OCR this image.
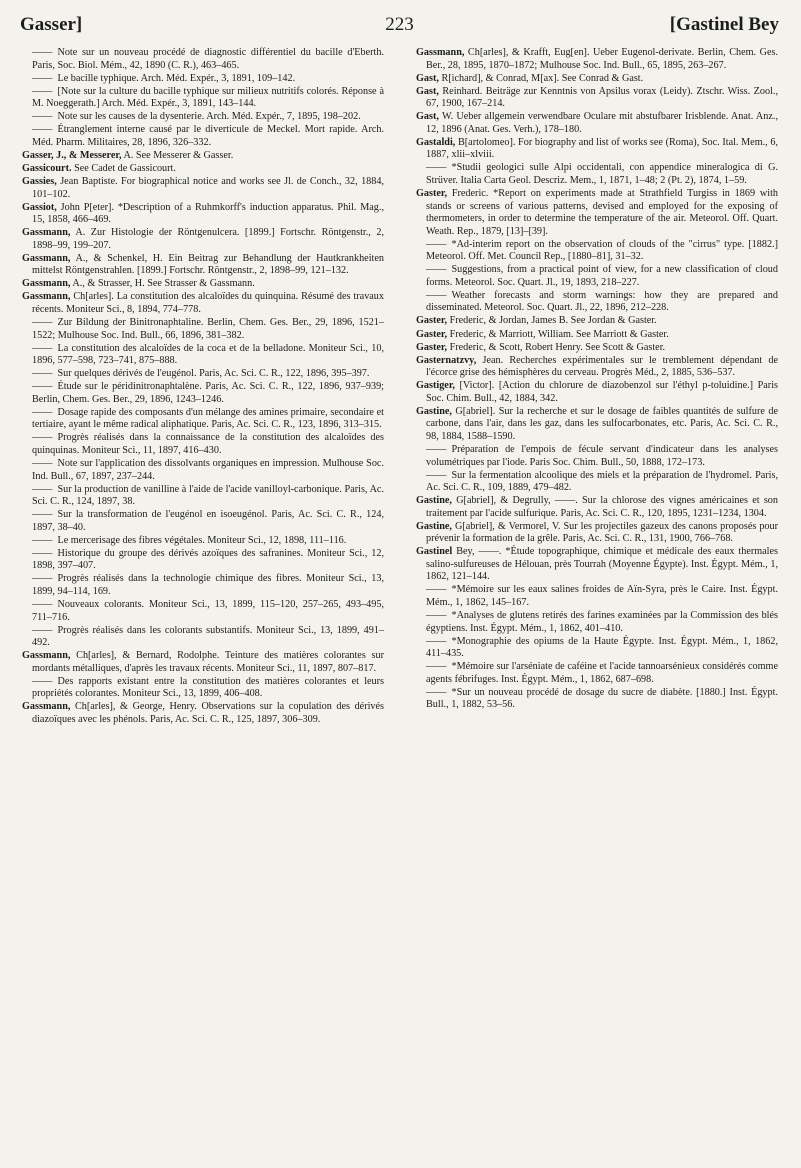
Gasser]	223	[Gastinel Bey

—— Note sur un nouveau procédé de diagnostic différentiel du bacille d'Eberth. Paris, Soc. Biol. Mém., 42, 1890 (C. R.), 463–465.

—— Le bacille typhique. Arch. Méd. Expér., 3, 1891, 109–142.

—— [Note sur la culture du bacille typhique sur milieux nutritifs colorés. Réponse à M. Noeggerath.] Arch. Méd. Expér., 3, 1891, 143–144.

—— Note sur les causes de la dysenterie. Arch. Méd. Expér., 7, 1895, 198–202.

—— Étranglement interne causé par le diverticule de Meckel. Mort rapide. Arch. Méd. Pharm. Militaires, 28, 1896, 326–332.

Gasser, J., & Messerer, A. See Messerer & Gasser.

Gassicourt. See Cadet de Gassicourt.

Gassies, Jean Baptiste. For biographical notice and works see Jl. de Conch., 32, 1884, 101–102.

Gassiot, John P[eter]. *Description of a Ruhmkorff's induction apparatus. Phil. Mag., 15, 1858, 466–469.

Gassmann, A. Zur Histologie der Röntgenulcera. [1899.] Fortschr. Röntgenstr., 2, 1898–99, 199–207.

Gassmann, A., & Schenkel, H. Ein Beitrag zur Behandlung der Hautkrankheiten mittelst Röntgenstrahlen. [1899.] Fortschr. Röntgenstr., 2, 1898–99, 121–132.

Gassmann, A., & Strasser, H. See Strasser & Gassmann.

Gassmann, Ch[arles]. La constitution des alcaloïdes du quinquina. Résumé des travaux récents. Moniteur Sci., 8, 1894, 774–778.

—— Zur Bildung der Binitronaphtaline. Berlin, Chem. Ges. Ber., 29, 1896, 1521–1522; Mulhouse Soc. Ind. Bull., 66, 1896, 381–382.

—— La constitution des alcaloïdes de la coca et de la belladone. Moniteur Sci., 10, 1896, 577–598, 723–741, 875–888.

—— Sur quelques dérivés de l'eugénol. Paris, Ac. Sci. C. R., 122, 1896, 395–397.

—— Étude sur le péridinitronaphtalène. Paris, Ac. Sci. C. R., 122, 1896, 937–939; Berlin, Chem. Ges. Ber., 29, 1896, 1243–1246.

—— Dosage rapide des composants d'un mélange des amines primaire, secondaire et tertiaire, ayant le même radical aliphatique. Paris, Ac. Sci. C. R., 123, 1896, 313–315.

—— Progrès réalisés dans la connaissance de la constitution des alcaloïdes des quinquinas. Moniteur Sci., 11, 1897, 416–430.

—— Note sur l'application des dissolvants organiques en impression. Mulhouse Soc. Ind. Bull., 67, 1897, 237–244.

—— Sur la production de vanilline à l'aide de l'acide vanilloyl-carbonique. Paris, Ac. Sci. C. R., 124, 1897, 38.

—— Sur la transformation de l'eugénol en isoeugénol. Paris, Ac. Sci. C. R., 124, 1897, 38–40.

—— Le mercerisage des fibres végétales. Moniteur Sci., 12, 1898, 111–116.

—— Historique du groupe des dérivés azoïques des safranines. Moniteur Sci., 12, 1898, 397–407.

—— Progrès réalisés dans la technologie chimique des fibres. Moniteur Sci., 13, 1899, 94–114, 169.

—— Nouveaux colorants. Moniteur Sci., 13, 1899, 115–120, 257–265, 493–495, 711–716.

—— Progrès réalisés dans les colorants substantifs. Moniteur Sci., 13, 1899, 491–492.

Gassmann, Ch[arles], & Bernard, Rodolphe. Teinture des matières colorantes sur mordants métalliques, d'après les travaux récents. Moniteur Sci., 11, 1897, 807–817.

—— Des rapports existant entre la constitution des matières colorantes et leurs propriétés colorantes. Moniteur Sci., 13, 1899, 406–408.

Gassmann, Ch[arles], & George, Henry. Observations sur la copulation des dérivés diazoïques avec les phénols. Paris, Ac. Sci. C. R., 125, 1897, 306–309.

Gassmann, Ch[arles], & Krafft, Eug[en]. Ueber Eugenol-derivate. Berlin, Chem. Ges. Ber., 28, 1895, 1870–1872; Mulhouse Soc. Ind. Bull., 65, 1895, 263–267.

Gast, R[ichard], & Conrad, M[ax]. See Conrad & Gast.

Gast, Reinhard. Beiträge zur Kenntnis von Apsilus vorax (Leidy). Ztschr. Wiss. Zool., 67, 1900, 167–214.

Gast, W. Ueber allgemein verwendbare Oculare mit abstufbarer Irisblende. Anat. Anz., 12, 1896 (Anat. Ges. Verh.), 178–180.

Gastaldi, B[artolomeo]. For biography and list of works see (Roma), Soc. Ital. Mem., 6, 1887, xlii–xlviii.

—— *Studii geologici sulle Alpi occidentali, con appendice mineralogica di G. Strüver. Italia Carta Geol. Descriz. Mem., 1, 1871, 1–48; 2 (Pt. 2), 1874, 1–59.

Gaster, Frederic. *Report on experiments made at Strathfield Turgiss in 1869 with stands or screens of various patterns, devised and employed for the exposing of thermometers, in order to determine the temperature of the air. Meteorol. Off. Quart. Weath. Rep., 1879, [13]–[39].

—— *Ad-interim report on the observation of clouds of the "cirrus" type. [1882.] Meteorol. Off. Met. Council Rep., [1880–81], 31–32.

—— Suggestions, from a practical point of view, for a new classification of cloud forms. Meteorol. Soc. Quart. Jl., 19, 1893, 218–227.

—— Weather forecasts and storm warnings: how they are prepared and disseminated. Meteorol. Soc. Quart. Jl., 22, 1896, 212–228.

Gaster, Frederic, & Jordan, James B. See Jordan & Gaster.

Gaster, Frederic, & Marriott, William. See Marriott & Gaster.

Gaster, Frederic, & Scott, Robert Henry. See Scott & Gaster.

Gasternatzvy, Jean. Recherches expérimentales sur le tremblement dépendant de l'écorce grise des hémisphères du cerveau. Progrès Méd., 2, 1885, 536–537.

Gastiger, [Victor]. [Action du chlorure de diazobenzol sur l'éthyl p-toluidine.] Paris Soc. Chim. Bull., 42, 1884, 342.

Gastine, G[abriel]. Sur la recherche et sur le dosage de faibles quantités de sulfure de carbone, dans l'air, dans les gaz, dans les sulfocarbonates, etc. Paris, Ac. Sci. C. R., 98, 1884, 1588–1590.

—— Préparation de l'empois de fécule servant d'indicateur dans les analyses volumétriques par l'iode. Paris Soc. Chim. Bull., 50, 1888, 172–173.

—— Sur la fermentation alcoolique des miels et la préparation de l'hydromel. Paris, Ac. Sci. C. R., 109, 1889, 479–482.

Gastine, G[abriel], & Degrully, ——. Sur la chlorose des vignes américaines et son traitement par l'acide sulfurique. Paris, Ac. Sci. C. R., 120, 1895, 1231–1234, 1304.

Gastine, G[abriel], & Vermorel, V. Sur les projectiles gazeux des canons proposés pour prévenir la formation de la grêle. Paris, Ac. Sci. C. R., 131, 1900, 766–768.

Gastinel Bey, ——. *Étude topographique, chimique et médicale des eaux thermales salino-sulfureuses de Hélouan, près Tourrah (Moyenne Égypte). Inst. Égypt. Mém., 1, 1862, 121–144.

—— *Mémoire sur les eaux salines froides de Aïn-Syra, près le Caire. Inst. Égypt. Mém., 1, 1862, 145–167.

—— *Analyses de glutens retirés des farines examinées par la Commission des blés égyptiens. Inst. Égypt. Mém., 1, 1862, 401–410.

—— *Monographie des opiums de la Haute Égypte. Inst. Égypt. Mém., 1, 1862, 411–435.

—— *Mémoire sur l'arséniate de caféine et l'acide tannoarsénieux considérés comme agents fébrifuges. Inst. Égypt. Mém., 1, 1862, 687–698.

—— *Sur un nouveau procédé de dosage du sucre de diabète. [1880.] Inst. Égypt. Bull., 1, 1882, 53–56.
